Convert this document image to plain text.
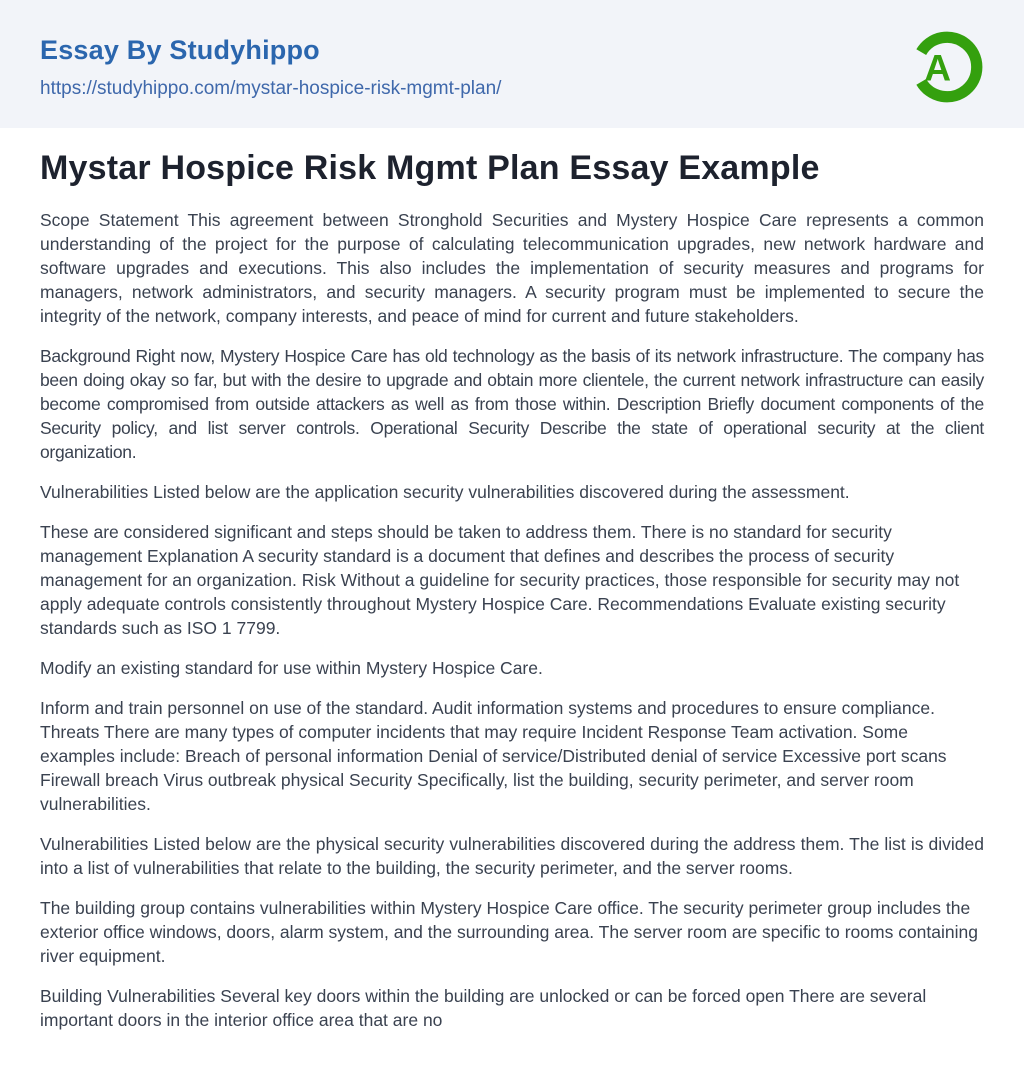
Essay By Studyhippo
https://studyhippo.com/mystar-hospice-risk-mgmt-plan/	A
Mystar Hospice Risk Mgmt Plan Essay Example

Scope Statement This agreement between Stronghold Securities and Mystery Hospice Care represents a common understanding of the project for the purpose of calculating telecommunication upgrades, new network hardware and software upgrades and executions. This also includes the implementation of security measures and programs for managers, network administrators, and security managers. A security program must be implemented to secure the integrity of the network, company interests, and peace of mind for current and future stakeholders.

Background Right now, Mystery Hospice Care has old technology as the basis of its network infrastructure. The company has been doing okay so far, but with the desire to upgrade and obtain more clientele, the current network infrastructure can easily become compromised from outside attackers as well as from those within. Description Briefly document components of the Security policy, and list server controls. Operational Security Describe the state of operational security at the client organization.

Vulnerabilities Listed below are the application security vulnerabilities discovered during the assessment.

These are considered significant and steps should be taken to address them. There is no standard for security management Explanation A security standard is a document that defines and describes the process of security management for an organization. Risk Without a guideline for security practices, those responsible for security may not apply adequate controls consistently throughout Mystery Hospice Care. Recommendations Evaluate existing security standards such as ISO 1 7799.

Modify an existing standard for use within Mystery Hospice Care.

Inform and train personnel on use of the standard. Audit information systems and procedures to ensure compliance. Threats There are many types of computer incidents that may require Incident Response Team activation. Some examples include: Breach of personal information Denial of service/Distributed denial of service Excessive port scans Firewall breach Virus outbreak physical Security Specifically, list the building, security perimeter, and server room vulnerabilities.

Vulnerabilities Listed below are the physical security vulnerabilities discovered during the address them. The list is divided into a list of vulnerabilities that relate to the building, the security perimeter, and the server rooms.

The building group contains vulnerabilities within Mystery Hospice Care office. The security perimeter group includes the exterior office windows, doors, alarm system, and the surrounding area. The server room are specific to rooms containing river equipment.

Building Vulnerabilities Several key doors within the building are unlocked or can be forced open There are several important doors in the interior office area that are no
